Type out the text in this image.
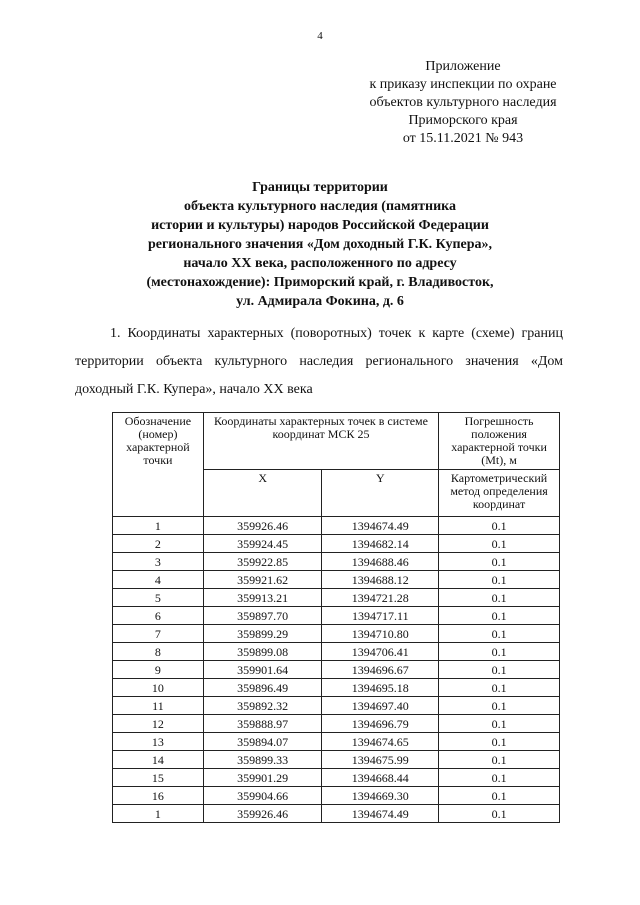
4
Приложение
к приказу инспекции по охране
объектов культурного наследия
Приморского края
от 15.11.2021 № 943
Границы территории
объекта культурного наследия (памятника
истории и культуры) народов Российской Федерации
регионального значения «Дом доходный Г.К. Купера»,
начало XX века, расположенного по адресу
(местонахождение): Приморский край, г. Владивосток,
ул. Адмирала Фокина, д. 6
1. Координаты характерных (поворотных) точек к карте (схеме) границ территории объекта культурного наследия регионального значения «Дом доходный Г.К. Купера», начало XX века
Обозначение (номер) характерной точки	Координаты характерных точек в системе координат МСК 25		Погрешность положения характерной точки (Mt), м
	X	Y	Картометрический метод определения координат
1	359926.46	1394674.49	0.1
2	359924.45	1394682.14	0.1
3	359922.85	1394688.46	0.1
4	359921.62	1394688.12	0.1
5	359913.21	1394721.28	0.1
6	359897.70	1394717.11	0.1
7	359899.29	1394710.80	0.1
8	359899.08	1394706.41	0.1
9	359901.64	1394696.67	0.1
10	359896.49	1394695.18	0.1
11	359892.32	1394697.40	0.1
12	359888.97	1394696.79	0.1
13	359894.07	1394674.65	0.1
14	359899.33	1394675.99	0.1
15	359901.29	1394668.44	0.1
16	359904.66	1394669.30	0.1
1	359926.46	1394674.49	0.1
